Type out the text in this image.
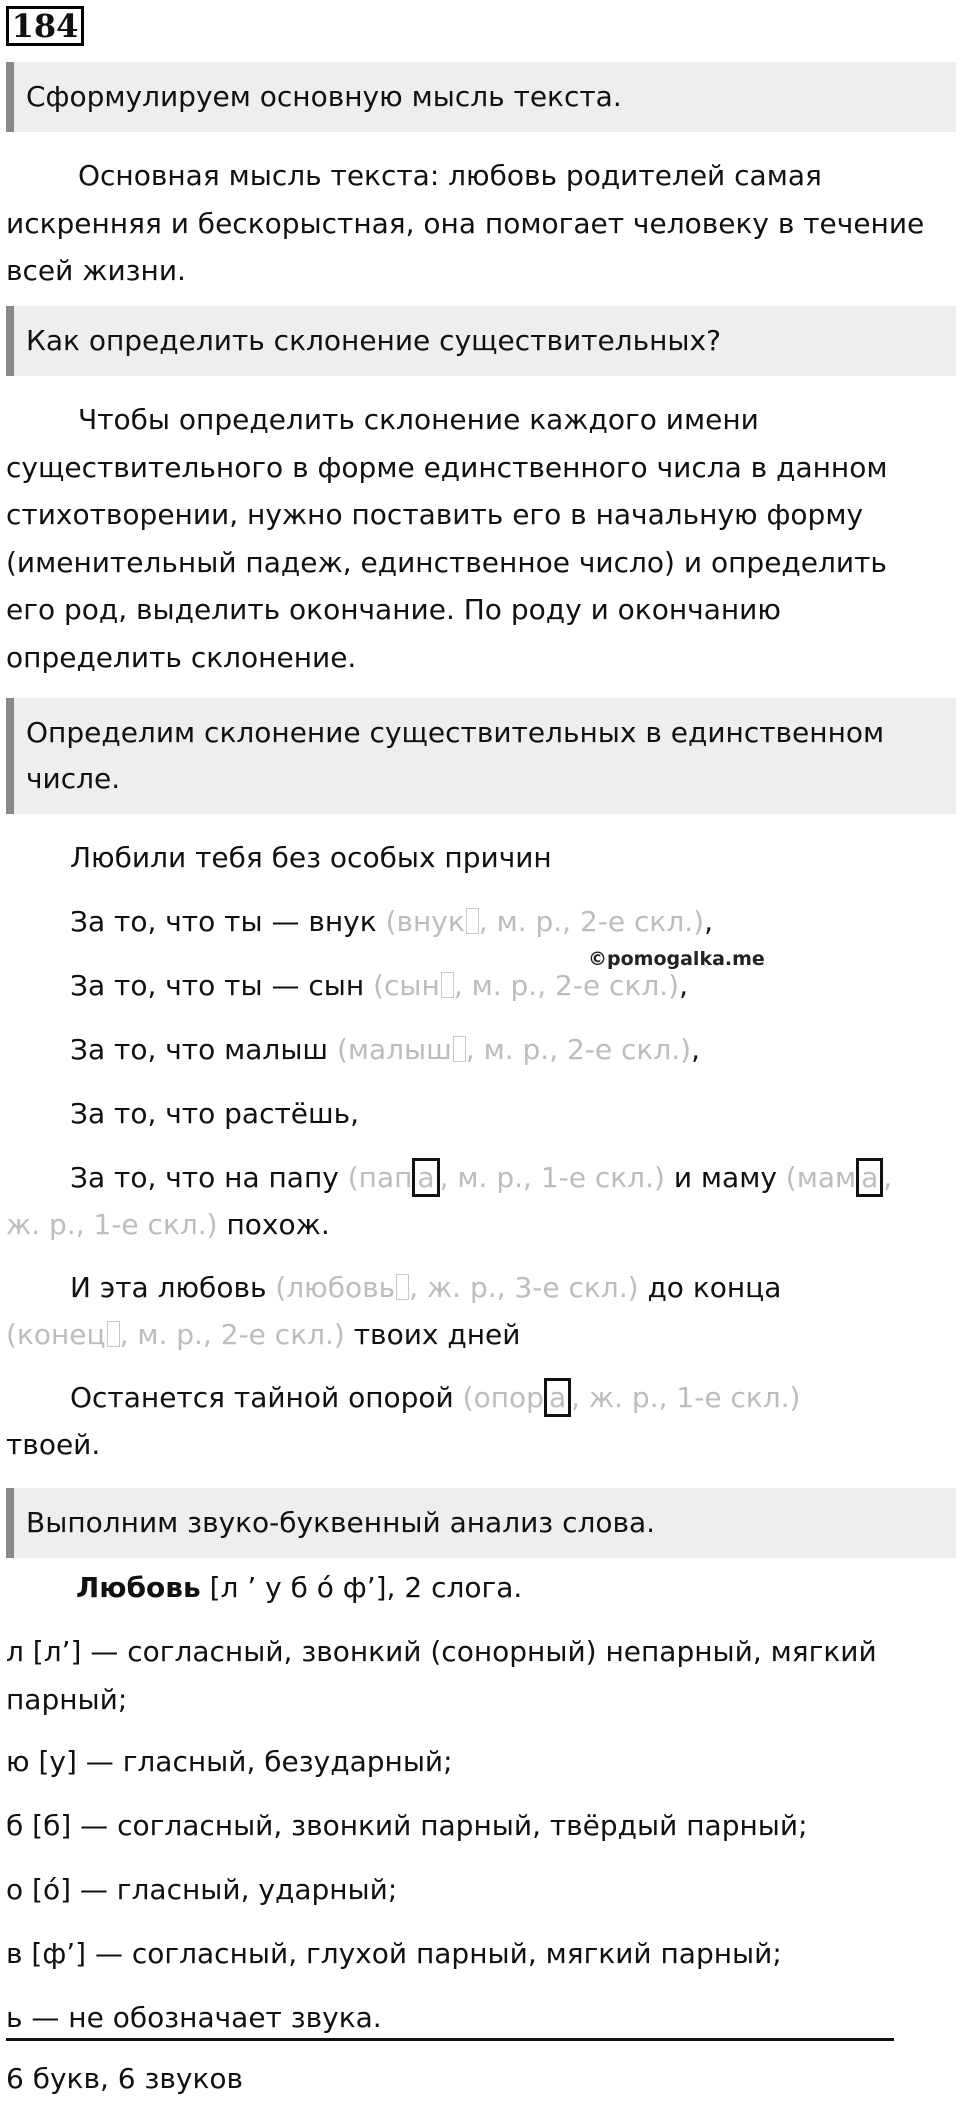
184
Сформулируем основную мысль текста.

Основная мысль текста: любовь родителей самая искренняя и бескорыстная, она помогает человеку в течение всей жизни.

Как определить склонение существительных?

Чтобы определить склонение каждого имени существительного в форме единственного числа в данном стихотворении, нужно поставить его в начальную форму (именительный падеж, единственное число) и определить его род, выделить окончание. По роду и окончанию определить склонение.

Определим склонение существительных в единственном числе.
Любили тебя без особых причин
За то, что ты — внук (внук , м. р., 2-е скл.),
За то, что ты — сын (сын , м. р., 2-е скл.),
За то, что малыш (малыш , м. р., 2-е скл.),
За то, что растёшь,
За то, что на папу (пап а , м. р., 1-е скл.) и маму (мам а ,
ж. р., 1-е скл.) похож.
И эта любовь (любовь , ж. р., 3-е скл.) до конца
(конец , м. р., 2-е скл.) твоих дней
Останется тайной опорой (опор а , ж. р., 1-е скл.)
твоей.
©pomogalka.me
Выполним звуко-буквенный анализ слова.
Любовь [л ’ у б о́ ф’], 2 слога.
л [л’] — согласный, звонкий (сонорный) непарный, мягкий парный;
ю [у] — гласный, безударный;
б [б] — согласный, звонкий парный, твёрдый парный;
о [о́] — гласный, ударный;
в [ф’] — согласный, глухой парный, мягкий парный;
ь — не обозначает звука.
6 букв, 6 звуков
